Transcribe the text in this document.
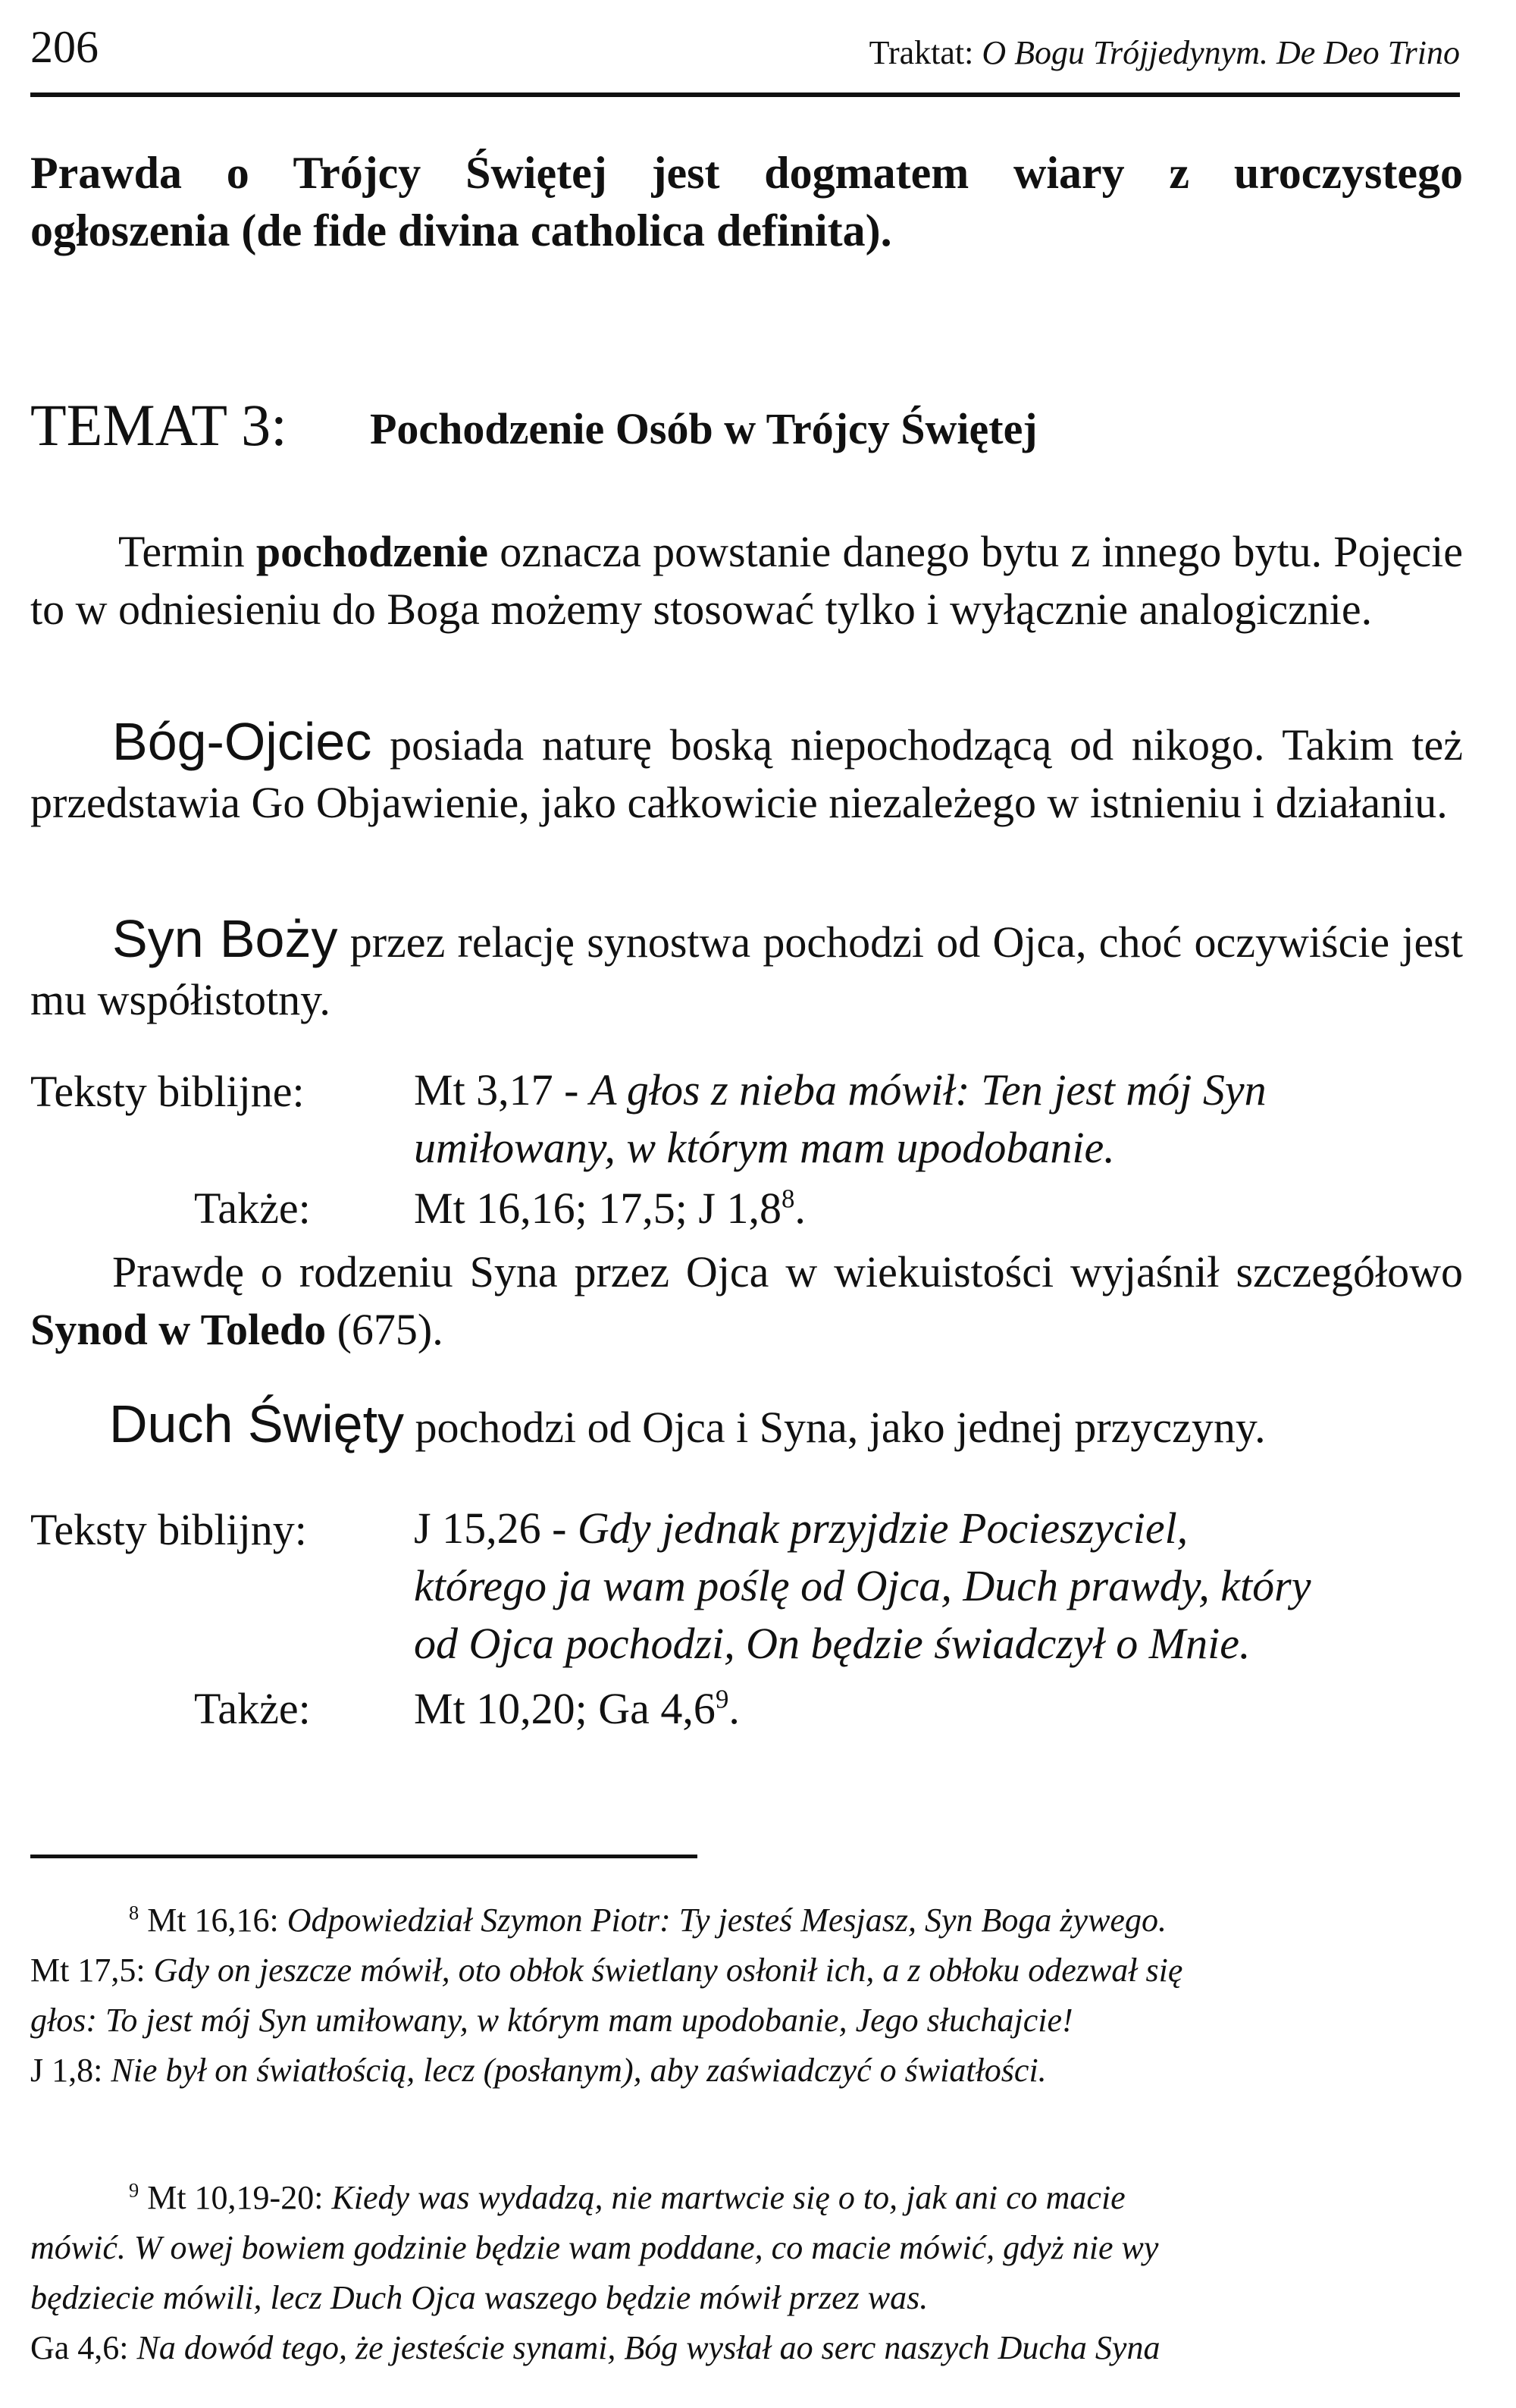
206	Traktat: O Bogu Trójjedynym. De Deo Trino
Prawda o Trójcy Świętej jest dogmatem wiary z uroczystego
ogłoszenia (de fide divina catholica definita).
TEMAT 3: Pochodzenie Osób w Trójcy Świętej
Termin pochodzenie oznacza powstanie danego bytu z innego bytu. Pojęcie to w odniesieniu do Boga możemy stosować tylko i wyłącznie analogicznie.
Bóg-Ojciec posiada naturę boską niepochodzącą od nikogo. Takim też przedstawia Go Objawienie, jako całkowicie niezależego w istnieniu i działaniu.
Syn Boży przez relację synostwa pochodzi od Ojca, choć oczywiście jest mu współistotny.
Teksty biblijne: Mt 3,17 - A głos z nieba mówił: Ten jest mój Syn
umiłowany, w którym mam upodobanie.
Także: Mt 16,16; 17,5; J $1,8^8$.
Prawdę o rodzeniu Syna przez Ojca w wiekuistości wyjaśnił szczegółowo Synod w Toledo (675).
Duch Święty pochodzi od Ojca i Syna, jako jednej przyczyny.
Teksty biblijny: J 15,26 - Gdy jednak przyjdzie Pocieszyciel,
którego ja wam poślę od Ojca, Duch prawdy, który
od Ojca pochodzi, On będzie świadczył o Mnie.
Także: Mt 10,20; Ga $4,6^9$.
$^8$ Mt 16,16: Odpowiedział Szymon Piotr: Ty jesteś Mesjasz, Syn Boga żywego.
Mt 17,5: Gdy on jeszcze mówił, oto obłok świetlany osłonił ich, a z obłoku odezwał się
głos: To jest mój Syn umiłowany, w którym mam upodobanie, Jego słuchajcie!
J 1,8: Nie był on światłością, lecz (posłanym), aby zaświadczyć o światłości.
$^9$ Mt 10,19-20: Kiedy was wydadzą, nie martwcie się o to, jak ani co macie
mówić. W owej bowiem godzinie będzie wam poddane, co macie mówić, gdyż nie wy
będziecie mówili, lecz Duch Ojca waszego będzie mówił przez was.
Ga 4,6: Na dowód tego, że jesteście synami, Bóg wysłał ao serc naszych Ducha Syna
